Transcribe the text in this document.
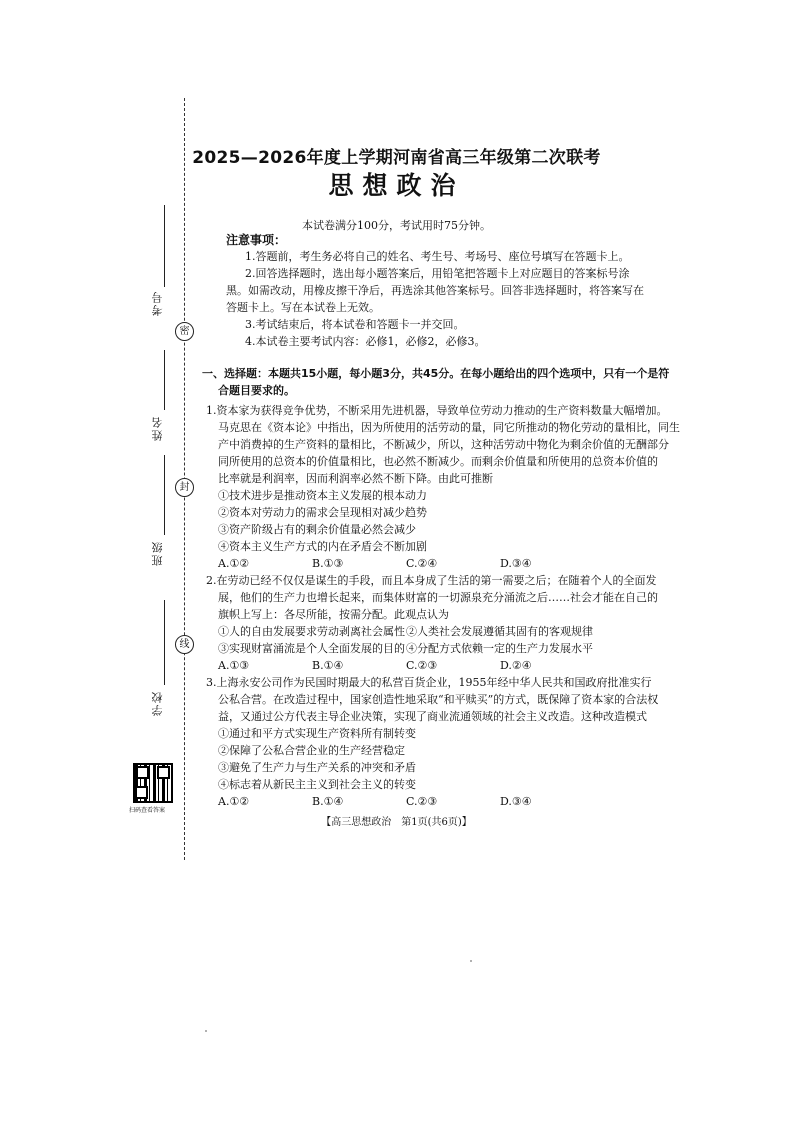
考号
姓名
班级
学校
密
封
线
扫码查看答案
2025—2026年度上学期河南省高三年级第二次联考
思想政治
本试卷满分100分，考试用时75分钟。
注意事项：
1.答题前，考生务必将自己的姓名、考生号、考场号、座位号填写在答题卡上。
2.回答选择题时，选出每小题答案后，用铅笔把答题卡上对应题目的答案标号涂
黑。如需改动，用橡皮擦干净后，再选涂其他答案标号。回答非选择题时，将答案写在
答题卡上。写在本试卷上无效。
3.考试结束后，将本试卷和答题卡一并交回。
4.本试卷主要考试内容：必修1，必修2，必修3。
一、选择题：本题共15小题，每小题3分，共45分。在每小题给出的四个选项中，只有一个是符
合题目要求的。
1.资本家为获得竞争优势，不断采用先进机器，导致单位劳动力推动的生产资料数量大幅增加。
马克思在《资本论》中指出，因为所使用的活劳动的量，同它所推动的物化劳动的量相比，同生
产中消费掉的生产资料的量相比，不断减少，所以，这种活劳动中物化为剩余价值的无酬部分
同所使用的总资本的价值量相比，也必然不断减少。而剩余价值量和所使用的总资本价值的
比率就是利润率，因而利润率必然不断下降。由此可推断
①技术进步是推动资本主义发展的根本动力
②资本对劳动力的需求会呈现相对减少趋势
③资产阶级占有的剩余价值量必然会减少
④资本主义生产方式的内在矛盾会不断加剧
A.①②	B.①③	C.②④	D.③④
2.在劳动已经不仅仅是谋生的手段，而且本身成了生活的第一需要之后；在随着个人的全面发
展，他们的生产力也增长起来，而集体财富的一切源泉充分涌流之后……社会才能在自己的
旗帜上写上：各尽所能，按需分配。此观点认为
①人的自由发展要求劳动剥离社会属性 ②人类社会发展遵循其固有的客观规律
③实现财富涌流是个人全面发展的目的 ④分配方式依赖一定的生产力发展水平
A.①③	B.①④	C.②③	D.②④
3.上海永安公司作为民国时期最大的私营百货企业，1955年经中华人民共和国政府批准实行
公私合营。在改造过程中，国家创造性地采取“和平赎买”的方式，既保障了资本家的合法权
益，又通过公方代表主导企业决策，实现了商业流通领域的社会主义改造。这种改造模式
①通过和平方式实现生产资料所有制转变
②保障了公私合营企业的生产经营稳定
③避免了生产力与生产关系的冲突和矛盾
④标志着从新民主主义到社会主义的转变
A.①②	B.①④	C.②③	D.③④
【高三思想政治　第1页(共6页)】
